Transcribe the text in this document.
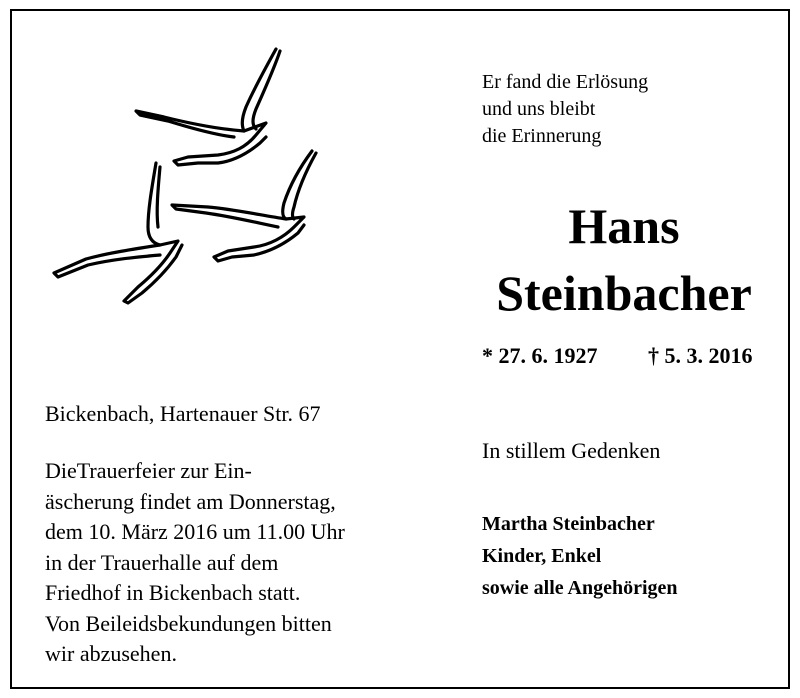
Er fand die Erlösung
und uns bleibt
die Erinnerung
Hans
Steinbacher
* 27. 6. 1927 † 5. 3. 2016
Bickenbach, Hartenauer Str. 67
DieTrauerfeier zur Ein-
äscherung findet am Donnerstag,
dem 10. März 2016 um 11.00 Uhr
in der Trauerhalle auf dem
Friedhof in Bickenbach statt.
Von Beileidsbekundungen bitten
wir abzusehen.
In stillem Gedenken
Martha Steinbacher
Kinder, Enkel
sowie alle Angehörigen
